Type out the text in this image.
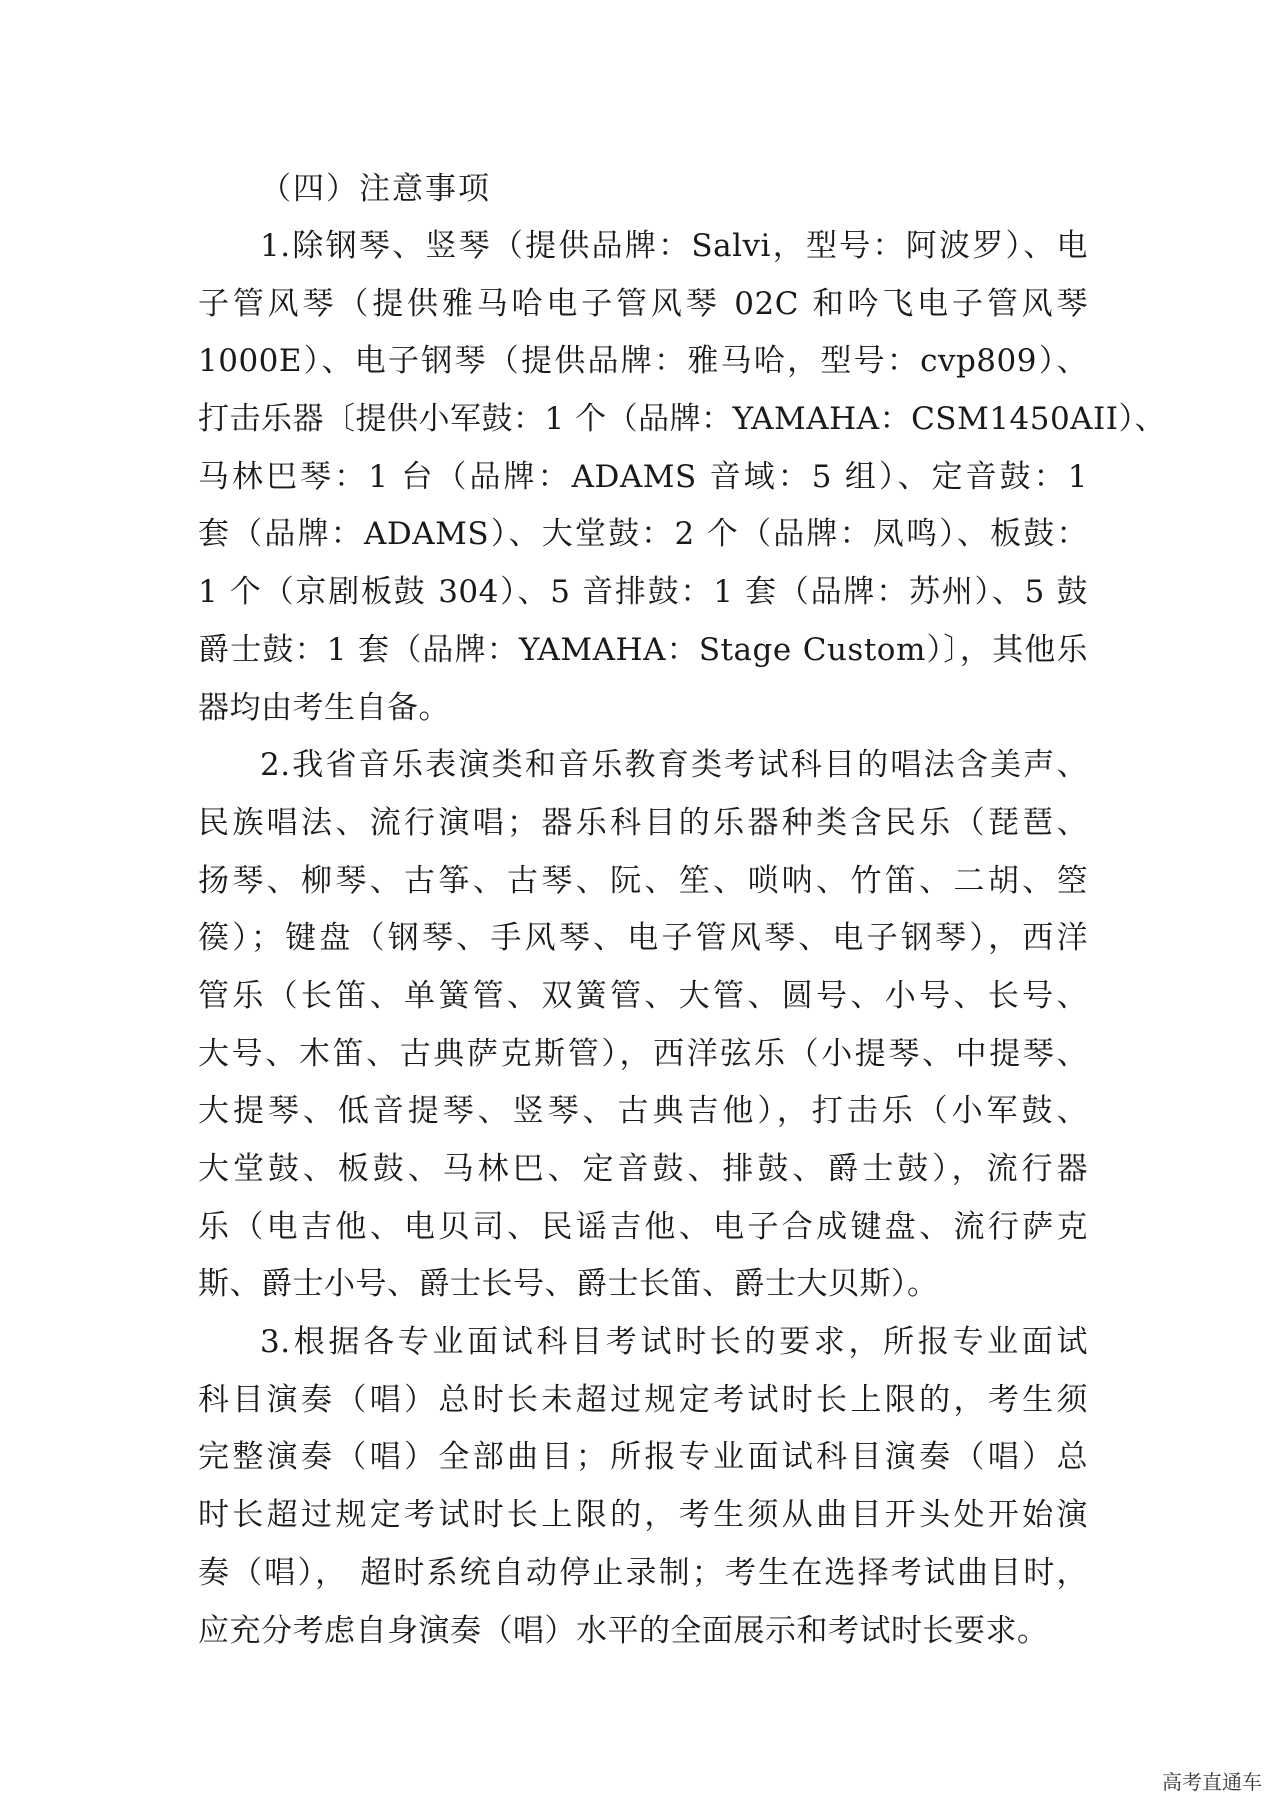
（四）注意事项
1.除钢琴、竖琴（提供品牌：Salvi，型号：阿波罗）、电
子管风琴（提供雅马哈电子管风琴 02C 和吟飞电子管风琴
1000E）、电子钢琴（提供品牌：雅马哈，型号：cvp809）、
打击乐器〔提供小军鼓：1 个（品牌：YAMAHA：CSM1450AII）、
马林巴琴：1 台（品牌：ADAMS 音域：5 组）、定音鼓：1
套（品牌：ADAMS）、大堂鼓：2 个（品牌：凤鸣）、板鼓：
1 个（京剧板鼓 304）、5 音排鼓：1 套（品牌：苏州）、5 鼓
爵士鼓：1 套（品牌：YAMAHA：Stage Custom）〕，其他乐
器均由考生自备。
2.我省音乐表演类和音乐教育类考试科目的唱法含美声、
民族唱法、流行演唱；器乐科目的乐器种类含民乐（琵琶、
扬琴、柳琴、古筝、古琴、阮、笙、唢呐、竹笛、二胡、箜
篌）；键盘（钢琴、手风琴、电子管风琴、电子钢琴），西洋
管乐（长笛、单簧管、双簧管、大管、圆号、小号、长号、
大号、木笛、古典萨克斯管），西洋弦乐（小提琴、中提琴、
大提琴、低音提琴、竖琴、古典吉他），打击乐（小军鼓、
大堂鼓、板鼓、马林巴、定音鼓、排鼓、爵士鼓），流行器
乐（电吉他、电贝司、民谣吉他、电子合成键盘、流行萨克
斯、爵士小号、爵士长号、爵士长笛、爵士大贝斯）。
3.根据各专业面试科目考试时长的要求，所报专业面试
科目演奏（唱）总时长未超过规定考试时长上限的，考生须
完整演奏（唱）全部曲目；所报专业面试科目演奏（唱）总
时长超过规定考试时长上限的，考生须从曲目开头处开始演
奏（唱）， 超时系统自动停止录制；考生在选择考试曲目时，
应充分考虑自身演奏（唱）水平的全面展示和考试时长要求。
高考直通车
